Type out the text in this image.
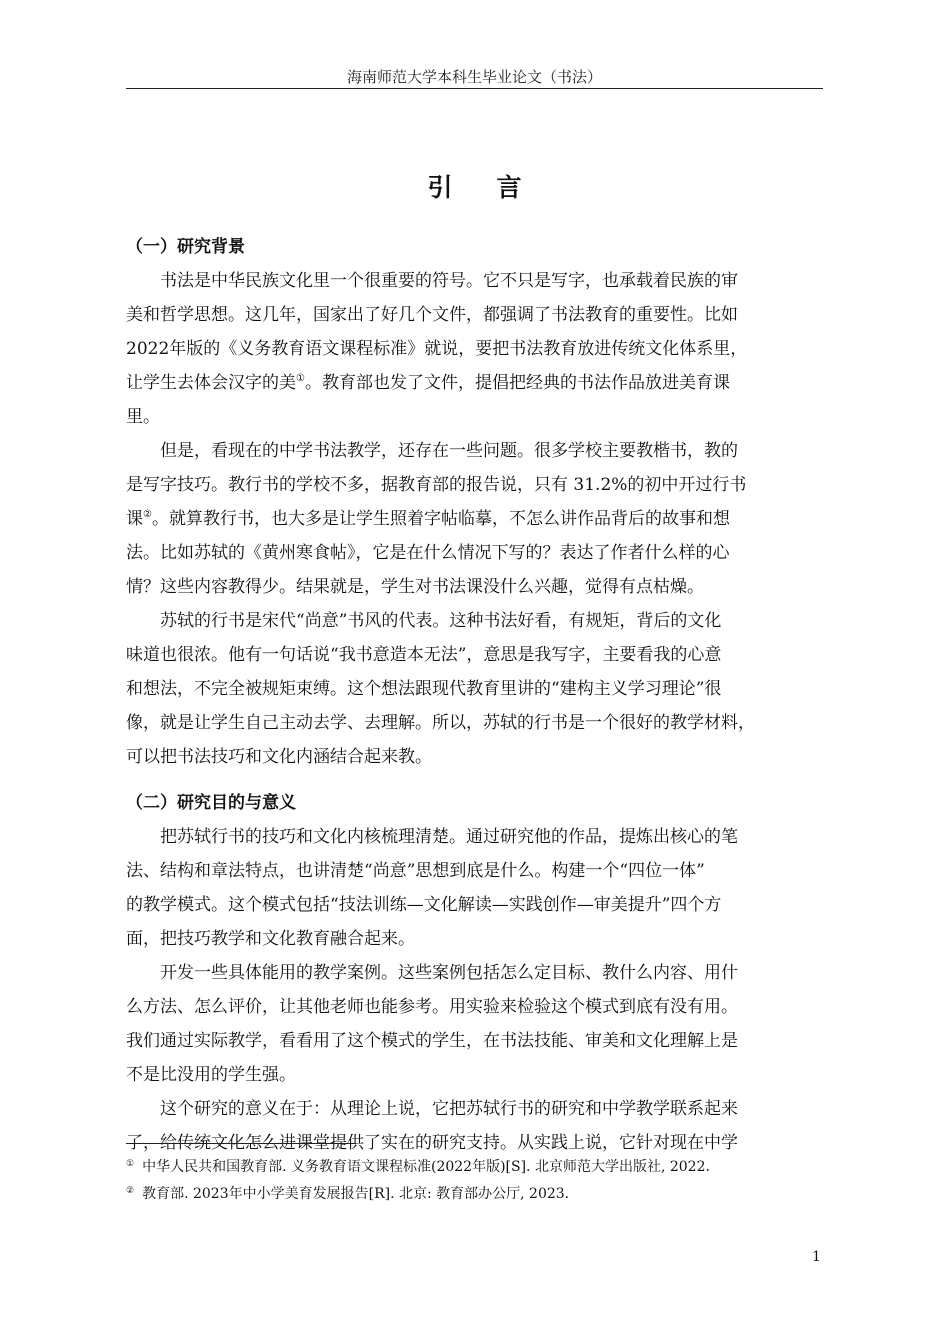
海南师范大学本科生毕业论文（书法）
引言
（一）研究背景

书法是中华民族文化里一个很重要的符号。它不只是写字，也承载着民族的审
美和哲学思想。这几年，国家出了好几个文件，都强调了书法教育的重要性。比如
2022年版的《义务教育语文课程标准》就说，要把书法教育放进传统文化体系里，
让学生去体会汉字的美①。教育部也发了文件，提倡把经典的书法作品放进美育课
里。

但是，看现在的中学书法教学，还存在一些问题。很多学校主要教楷书，教的
是写字技巧。教行书的学校不多，据教育部的报告说，只有 31.2%的初中开过行书
课②。就算教行书，也大多是让学生照着字帖临摹，不怎么讲作品背后的故事和想
法。比如苏轼的《黄州寒食帖》，它是在什么情况下写的？表达了作者什么样的心
情？这些内容教得少。结果就是，学生对书法课没什么兴趣，觉得有点枯燥。

苏轼的行书是宋代“尚意”书风的代表。这种书法好看，有规矩，背后的文化
味道也很浓。他有一句话说“我书意造本无法”，意思是我写字，主要看我的心意
和想法，不完全被规矩束缚。这个想法跟现代教育里讲的“建构主义学习理论”很
像，就是让学生自己主动去学、去理解。所以，苏轼的行书是一个很好的教学材料，
可以把书法技巧和文化内涵结合起来教。

（二）研究目的与意义

把苏轼行书的技巧和文化内核梳理清楚。通过研究他的作品，提炼出核心的笔
法、结构和章法特点，也讲清楚“尚意”思想到底是什么。构建一个“四位一体”
的教学模式。这个模式包括“技法训练—文化解读—实践创作—审美提升”四个方
面，把技巧教学和文化教育融合起来。

开发一些具体能用的教学案例。这些案例包括怎么定目标、教什么内容、用什
么方法、怎么评价，让其他老师也能参考。用实验来检验这个模式到底有没有用。
我们通过实际教学，看看用了这个模式的学生，在书法技能、审美和文化理解上是
不是比没用的学生强。

这个研究的意义在于：从理论上说，它把苏轼行书的研究和中学教学联系起来
了，给传统文化怎么进课堂提供了实在的研究支持。从实践上说，它针对现在中学

① 中华人民共和国教育部. 义务教育语文课程标准(2022年版)[S]. 北京师范大学出版社, 2022.
② 教育部. 2023年中小学美育发展报告[R]. 北京: 教育部办公厅, 2023.
1
